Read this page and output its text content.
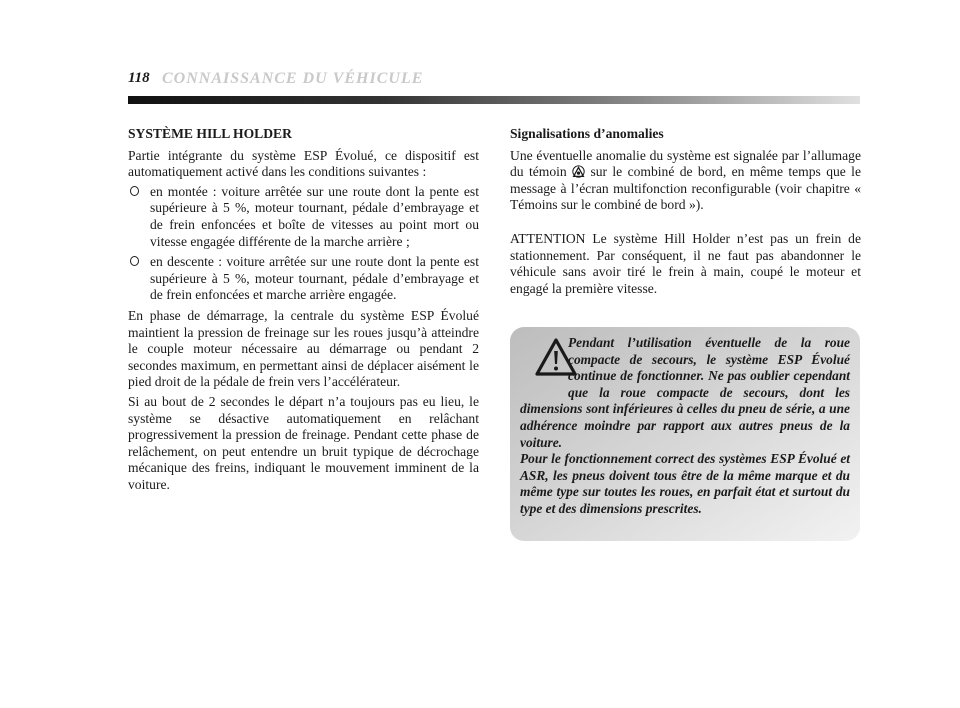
118 CONNAISSANCE DU VÉHICULE
SYSTÈME HILL HOLDER

Partie intégrante du système ESP Évolué, ce dispositif est automatiquement activé dans les conditions suivantes :

en montée : voiture arrêtée sur une route dont la pente est supérieure à 5 %, moteur tournant, pédale d’embrayage et de frein enfoncées et boîte de vitesses au point mort ou vitesse engagée différente de la marche arrière ;
en descente : voiture arrêtée sur une route dont la pente est supérieure à 5 %, moteur tournant, pédale d’embrayage et de frein enfoncées et marche arrière engagée.

En phase de démarrage, la centrale du système ESP Évolué maintient la pression de freinage sur les roues jusqu’à atteindre le couple moteur nécessaire au démarrage ou pendant 2 secondes maximum, en permettant ainsi de déplacer aisément le pied droit de la pédale de frein vers l’accélérateur.

Si au bout de 2 secondes le départ n’a toujours pas eu lieu, le système se désactive automatiquement en relâchant progressivement la pression de freinage. Pendant cette phase de relâchement, on peut entendre un bruit typique de décrochage mécanique des freins, indiquant le mouvement imminent de la voiture.

Signalisations d’anomalies

Une éventuelle anomalie du système est signalée par l’allumage du témoin sur le combiné de bord, en même temps que le message à l’écran multifonction reconfigurable (voir chapitre « Témoins sur le combiné de bord »).

ATTENTION Le système Hill Holder n’est pas un frein de stationnement. Par conséquent, il ne faut pas abandonner le véhicule sans avoir tiré le frein à main, coupé le moteur et engagé la première vitesse.

Pendant l’utilisation éventuelle de la roue compacte de secours, le système ESP Évolué continue de fonctionner. Ne pas oublier cependant que la roue compacte de secours, dont les dimensions sont inférieures à celles du pneu de série, a une adhérence moindre par rapport aux autres pneus de la voiture.
Pour le fonctionnement correct des systèmes ESP Évolué et ASR, les pneus doivent tous être de la même marque et du même type sur toutes les roues, en parfait état et surtout du type et des dimensions prescrites.
